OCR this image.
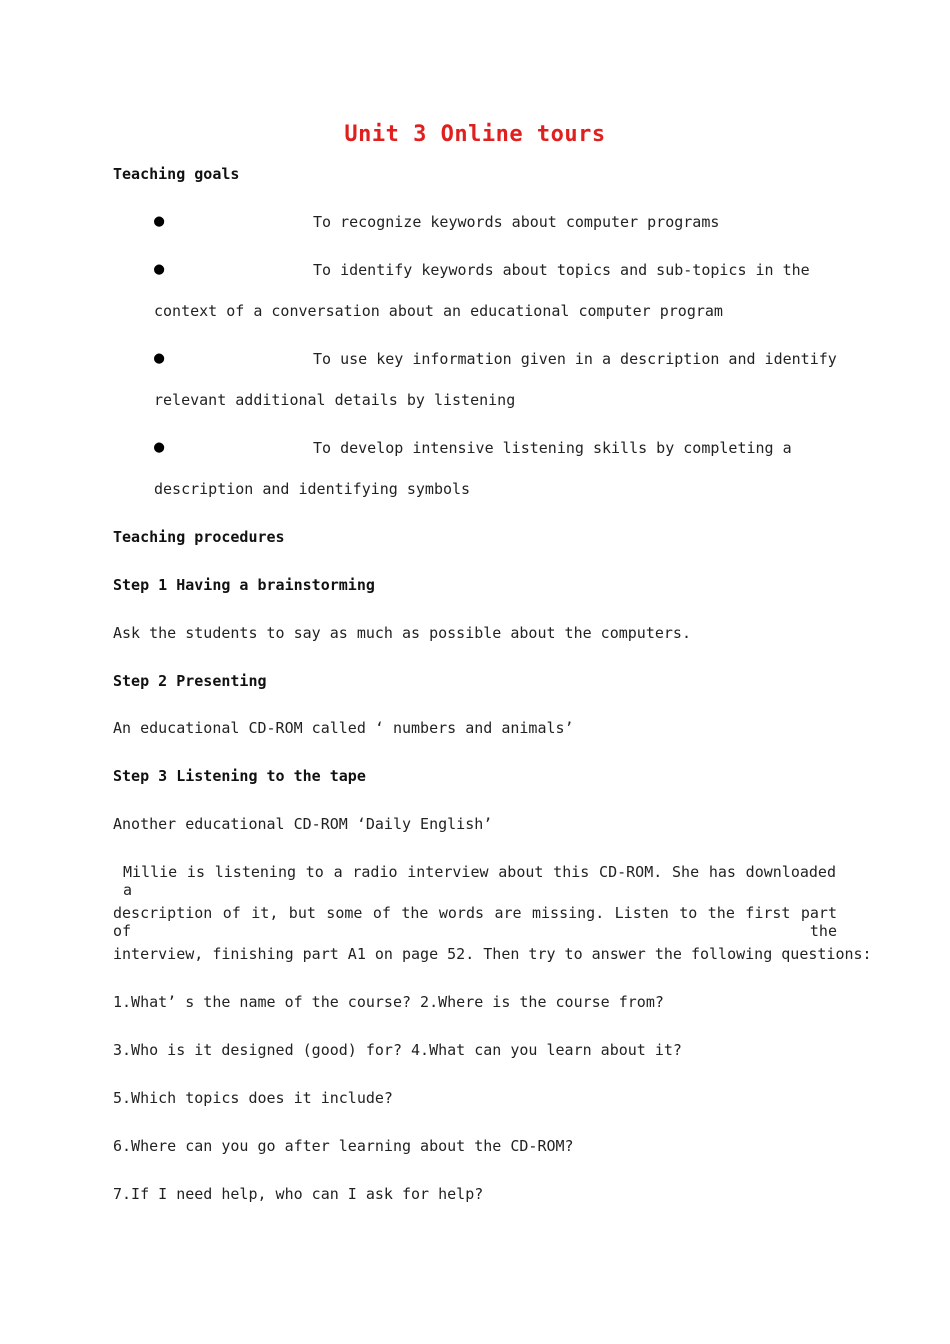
Unit 3 Online tours
Teaching goals
●	To recognize keywords about computer programs
●	To identify keywords about topics and sub-topics in the
context of a conversation about an educational computer program
●	To use key information given in a description and identify
relevant additional details by listening
●	To develop intensive listening skills by completing a
description and identifying symbols
Teaching procedures
Step 1 Having a brainstorming
Ask the students to say as much as possible about the computers.
Step 2 Presenting
An educational CD-ROM called ‘ numbers and animals’
Step 3 Listening to the tape
Another educational CD-ROM ‘Daily English’
Millie is listening to a radio interview about this CD-ROM. She has downloaded a
description of it, but some of the words are missing. Listen to the first part of the
interview, finishing part A1 on page 52. Then try to answer the following questions:
1.What’ s the name of the course? 2.Where is the course from?
3.Who is it designed (good) for? 4.What can you learn about it?
5.Which topics does it include?
6.Where can you go after learning about the CD-ROM?
7.If I need help, who can I ask for help?
